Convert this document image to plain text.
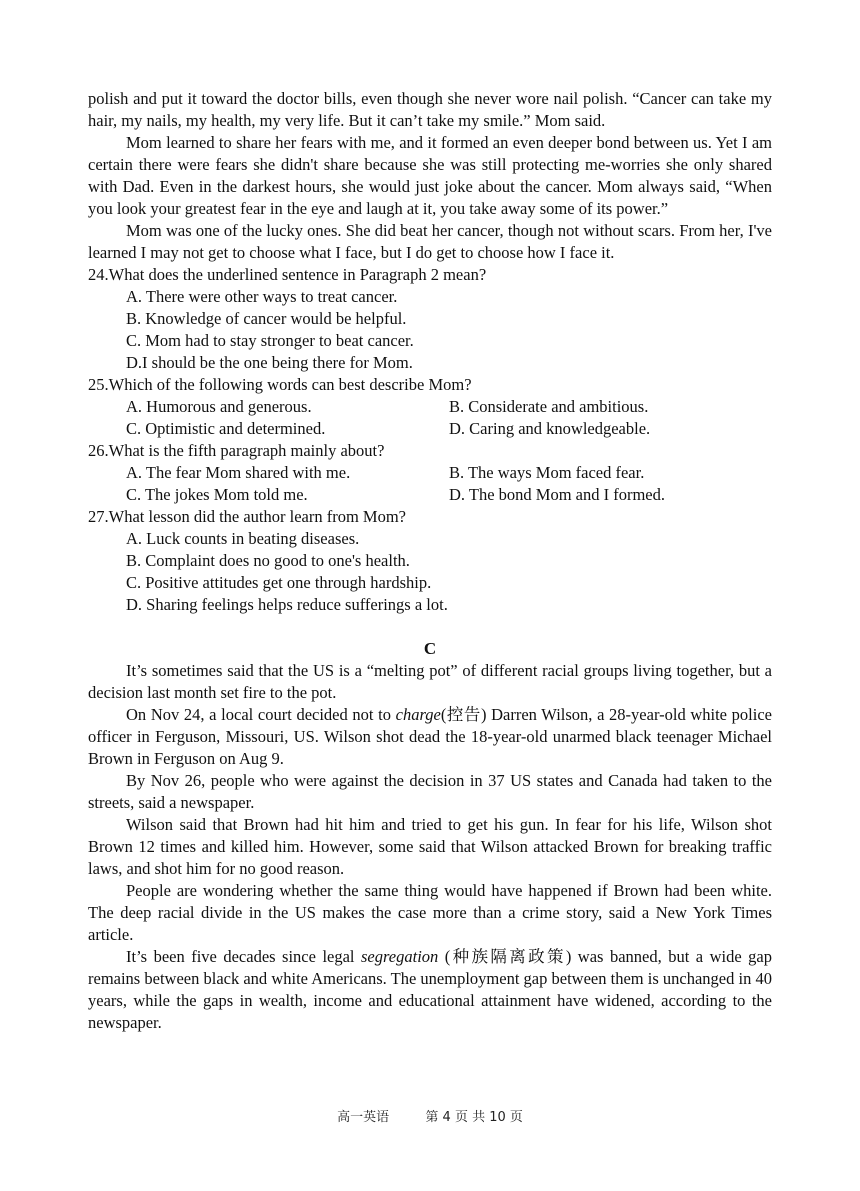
polish and put it toward the doctor bills, even though she never wore nail polish. “Cancer can take my hair, my nails, my health, my very life. But it can’t take my smile.” Mom said.

Mom learned to share her fears with me, and it formed an even deeper bond between us. Yet I am certain there were fears she didn't share because she was still protecting me-worries she only shared with Dad. Even in the darkest hours, she would just joke about the cancer. Mom always said, “When you look your greatest fear in the eye and laugh at it, you take away some of its power.”

Mom was one of the lucky ones. She did beat her cancer, though not without scars. From her, I've learned I may not get to choose what I face, but I do get to choose how I face it.

24.What does the underlined sentence in Paragraph 2 mean?

A. There were other ways to treat cancer.

B. Knowledge of cancer would be helpful.

C. Mom had to stay stronger to beat cancer.

D.I should be the one being there for Mom.

25.Which of the following words can best describe Mom?

A. Humorous and generous.	B. Considerate and ambitious.
C. Optimistic and determined.	D. Caring and knowledgeable.

26.What is the fifth paragraph mainly about?

A. The fear Mom shared with me.	B. The ways Mom faced fear.
C. The jokes Mom told me.	D. The bond Mom and I formed.

27.What lesson did the author learn from Mom?

A. Luck counts in beating diseases.

B. Complaint does no good to one's health.

C. Positive attitudes get one through hardship.

D. Sharing feelings helps reduce sufferings a lot.

C

It’s sometimes said that the US is a “melting pot” of different racial groups living together, but a decision last month set fire to the pot.

On Nov 24, a local court decided not to charge(控告) Darren Wilson, a 28-year-old white police officer in Ferguson, Missouri, US. Wilson shot dead the 18-year-old unarmed black teenager Michael Brown in Ferguson on Aug 9.

By Nov 26, people who were against the decision in 37 US states and Canada had taken to the streets, said a newspaper.

Wilson said that Brown had hit him and tried to get his gun. In fear for his life, Wilson shot Brown 12 times and killed him. However, some said that Wilson attacked Brown for breaking traffic laws, and shot him for no good reason.

People are wondering whether the same thing would have happened if Brown had been white. The deep racial divide in the US makes the case more than a crime story, said a New York Times article.

It’s been five decades since legal segregation (种族隔离政策) was banned, but a wide gap remains between black and white Americans. The unemployment gap between them is unchanged in 40 years, while the gaps in wealth, income and educational attainment have widened, according to the newspaper.

高一英语	第 4 页 共 10 页
